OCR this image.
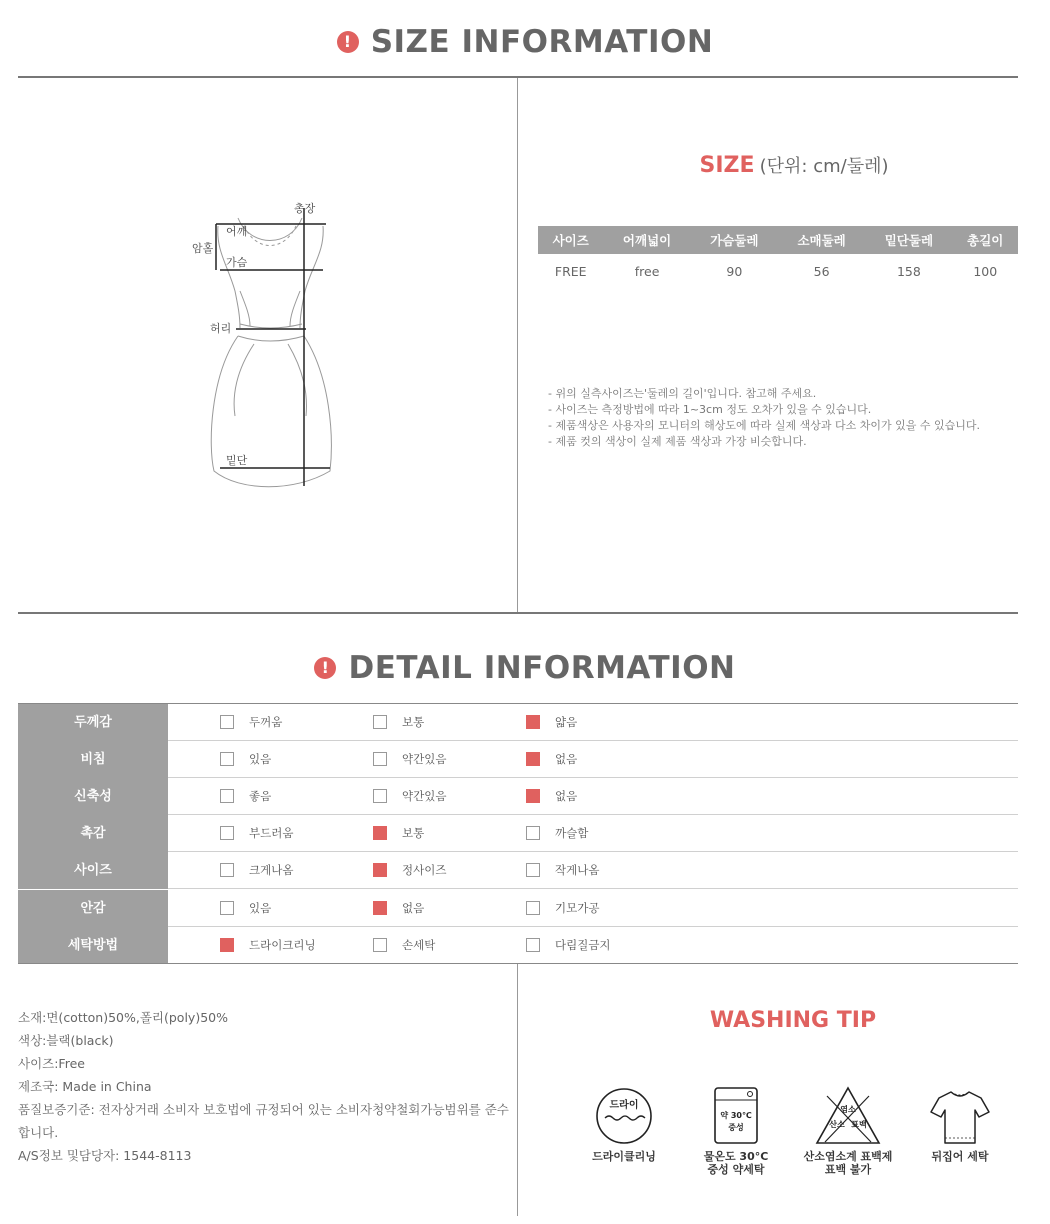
! SIZE INFORMATION
총장
어깨
암홀
가슴
허리
밑단
SIZE (단위: cm/둘레)
사이즈	어깨넓이	가슴둘레	소매둘레	밑단둘레	총길이
FREE	free	90	56	158	100
- 위의 실측사이즈는'둘레의 길이'입니다. 참고해 주세요.
- 사이즈는 측정방법에 따라 1~3cm 정도 오차가 있을 수 있습니다.
- 제품색상은 사용자의 모니터의 해상도에 따라 실제 색상과 다소 차이가 있을 수 있습니다.
- 제품 컷의 색상이 실제 제품 색상과 가장 비슷합니다.
! DETAIL INFORMATION
두께감	두꺼움	보통	얇음
비침	있음	약간있음	없음
신축성	좋음	약간있음	없음
촉감	부드러움	보통	까슬함
사이즈	크게나옴	정사이즈	작게나옴
안감	있음	없음	기모가공
세탁방법	드라이크리닝	손세탁	다림질금지
소재:면(cotton)50%,폴리(poly)50%
색상:블랙(black)
사이즈:Free
제조국: Made in China
품질보증기준: 전자상거래 소비자 보호법에 규정되어 있는 소비자청약철회가능범위를 준수합니다.
A/S정보 및담당자: 1544-8113
WASHING TIP
드라이
드라이클리닝
약 30℃
중성
물온도 30°C
중성 약세탁
염소
산소 표백
산소염소계 표백제
표백 불가
뒤집어 세탁
